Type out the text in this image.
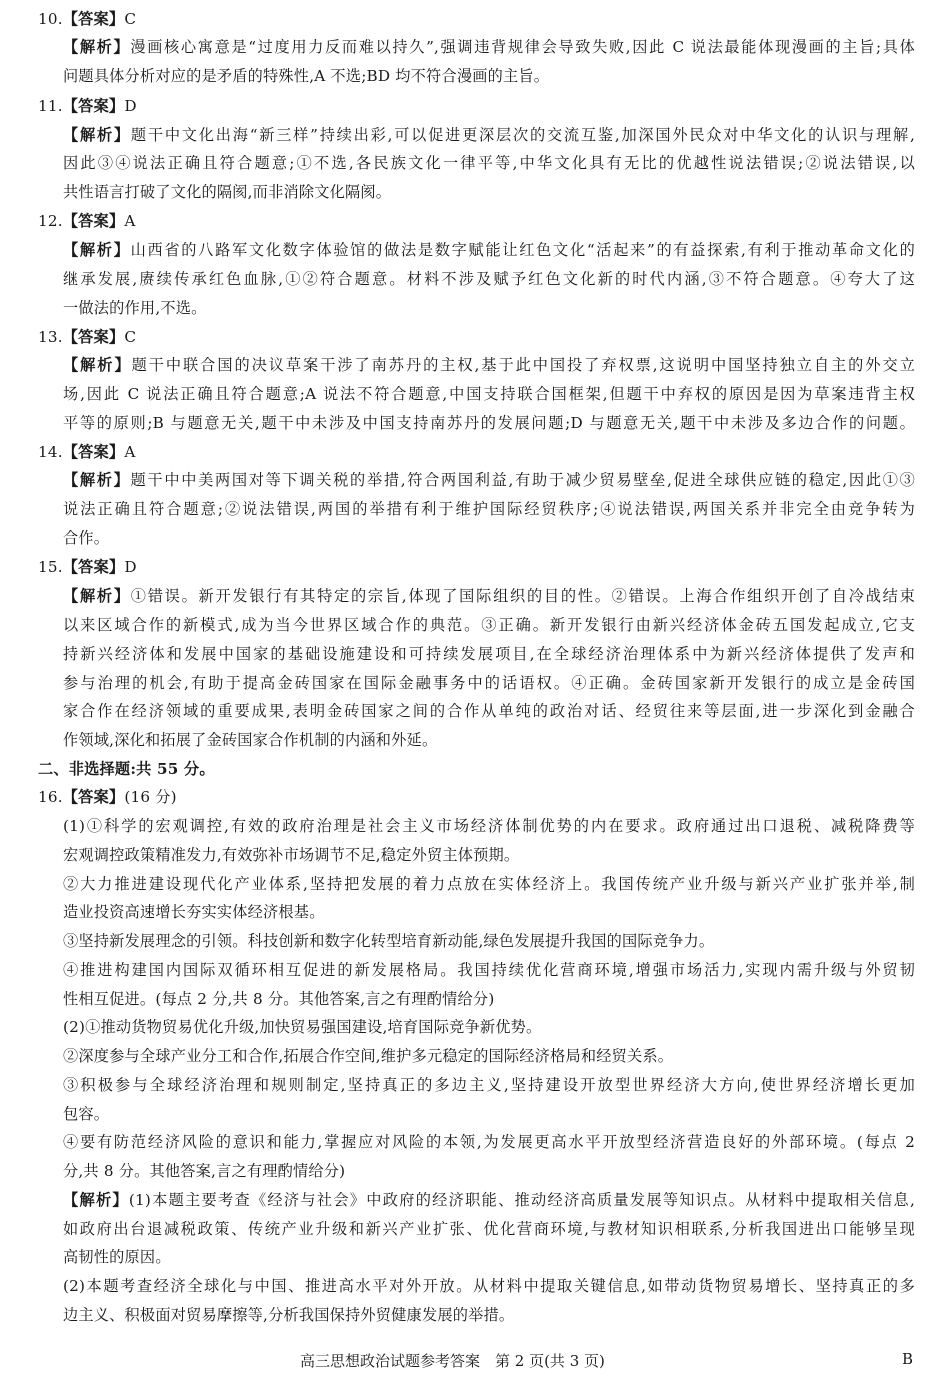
10.【答案】C
【解析】漫画核心寓意是“过度用力反而难以持久”,强调违背规律会导致失败,因此 C 说法最能体现漫画的主旨;具体
问题具体分析对应的是矛盾的特殊性,A 不选;BD 均不符合漫画的主旨。
11.【答案】D
【解析】题干中文化出海“新三样”持续出彩,可以促进更深层次的交流互鉴,加深国外民众对中华文化的认识与理解,
因此③④说法正确且符合题意;①不选,各民族文化一律平等,中华文化具有无比的优越性说法错误;②说法错误,以
共性语言打破了文化的隔阂,而非消除文化隔阂。
12.【答案】A
【解析】山西省的八路军文化数字体验馆的做法是数字赋能让红色文化“活起来”的有益探索,有利于推动革命文化的
继承发展,赓续传承红色血脉,①②符合题意。材料不涉及赋予红色文化新的时代内涵,③不符合题意。④夸大了这
一做法的作用,不选。
13.【答案】C
【解析】题干中联合国的决议草案干涉了南苏丹的主权,基于此中国投了弃权票,这说明中国坚持独立自主的外交立
场,因此 C 说法正确且符合题意;A 说法不符合题意,中国支持联合国框架,但题干中弃权的原因是因为草案违背主权
平等的原则;B 与题意无关,题干中未涉及中国支持南苏丹的发展问题;D 与题意无关,题干中未涉及多边合作的问题。
14.【答案】A
【解析】题干中中美两国对等下调关税的举措,符合两国利益,有助于减少贸易壁垒,促进全球供应链的稳定,因此①③
说法正确且符合题意;②说法错误,两国的举措有利于维护国际经贸秩序;④说法错误,两国关系并非完全由竞争转为
合作。
15.【答案】D
【解析】①错误。新开发银行有其特定的宗旨,体现了国际组织的目的性。②错误。上海合作组织开创了自冷战结束
以来区域合作的新模式,成为当今世界区域合作的典范。③正确。新开发银行由新兴经济体金砖五国发起成立,它支
持新兴经济体和发展中国家的基础设施建设和可持续发展项目,在全球经济治理体系中为新兴经济体提供了发声和
参与治理的机会,有助于提高金砖国家在国际金融事务中的话语权。④正确。金砖国家新开发银行的成立是金砖国
家合作在经济领域的重要成果,表明金砖国家之间的合作从单纯的政治对话、经贸往来等层面,进一步深化到金融合
作领域,深化和拓展了金砖国家合作机制的内涵和外延。
二、非选择题:共 55 分。
16.【答案】(16 分)
(1)①科学的宏观调控,有效的政府治理是社会主义市场经济体制优势的内在要求。政府通过出口退税、减税降费等
宏观调控政策精准发力,有效弥补市场调节不足,稳定外贸主体预期。
②大力推进建设现代化产业体系,坚持把发展的着力点放在实体经济上。我国传统产业升级与新兴产业扩张并举,制
造业投资高速增长夯实实体经济根基。
③坚持新发展理念的引领。科技创新和数字化转型培育新动能,绿色发展提升我国的国际竞争力。
④推进构建国内国际双循环相互促进的新发展格局。我国持续优化营商环境,增强市场活力,实现内需升级与外贸韧
性相互促进。(每点 2 分,共 8 分。其他答案,言之有理酌情给分)
(2)①推动货物贸易优化升级,加快贸易强国建设,培育国际竞争新优势。
②深度参与全球产业分工和合作,拓展合作空间,维护多元稳定的国际经济格局和经贸关系。
③积极参与全球经济治理和规则制定,坚持真正的多边主义,坚持建设开放型世界经济大方向,使世界经济增长更加
包容。
④要有防范经济风险的意识和能力,掌握应对风险的本领,为发展更高水平开放型经济营造良好的外部环境。(每点 2
分,共 8 分。其他答案,言之有理酌情给分)
【解析】(1)本题主要考查《经济与社会》中政府的经济职能、推动经济高质量发展等知识点。从材料中提取相关信息,
如政府出台退减税政策、传统产业升级和新兴产业扩张、优化营商环境,与教材知识相联系,分析我国进出口能够呈现
高韧性的原因。
(2)本题考查经济全球化与中国、推进高水平对外开放。从材料中提取关键信息,如带动货物贸易增长、坚持真正的多
边主义、积极面对贸易摩擦等,分析我国保持外贸健康发展的举措。
高三思想政治试题参考答案　第 2 页(共 3 页)	B
